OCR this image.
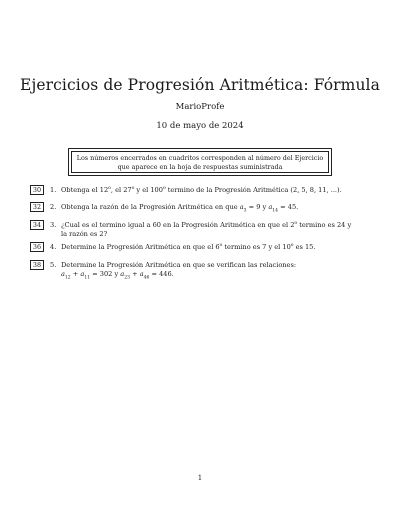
Ejercicios de Progresión Aritmética: Fórmula
MarioProfe
10 de mayo de 2024
Los números encerrados en cuadritos corresponden al número del Ejercicio
que aparece en la hoja de respuestas suministrada
30	1. Obtenga el 12$^o$, el 27$^o$ y el 100$^o$ termino de la Progresión Aritmética (2, 5, 8, 11, ...).
32	2. Obtenga la razón de la Progresión Aritmética en que $a_3 = 9$ y $a_{14} = 45$.
34	3. ¿Cual es el termino igual a 60 en la Progresión Aritmética en que el 2$^o$ termino es 24 y
la razón es 2?
36	4. Determine la Progresión Aritmética en que el 6$^o$ termino es 7 y el 10$^o$ es 15.
38	5. Determine la Progresión Aritmética en que se verifican las relaciones:
$a_{12} + a_{11} = 302$ y $a_{23} + a_{46} = 446$.
1
